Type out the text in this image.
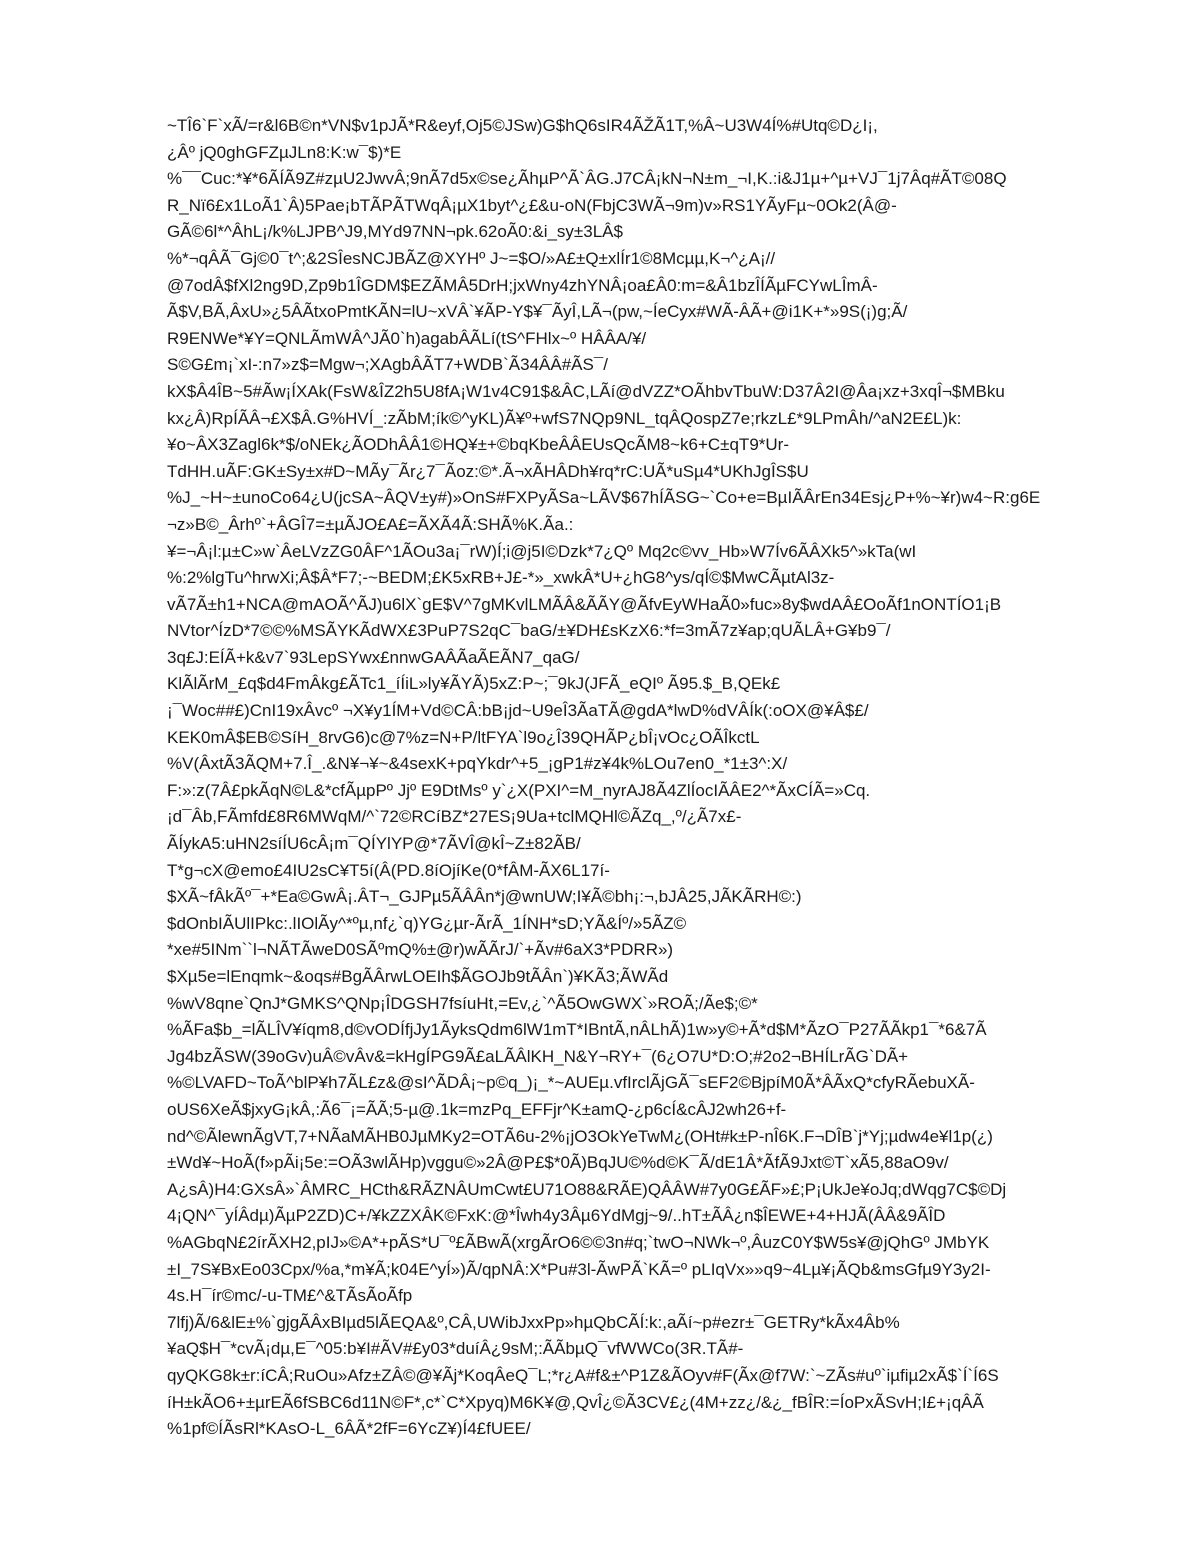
~TÎ6`F`xÃ/=r&l6B©n*VN$v1pJÃ*R&eyf,Oj5©JSw)G$hQ6sIR4ÃŽÃ1T,%Â~U3W4Í%#Utq©D¿I¡,
¿Âº jQ0ghGFZµJLn8:K:w¯$)*E
%¯¯Cuc:*¥*6ÃÍÃ9Z#zµU2JwvÂ;9nÃ7d5x©se¿ÃhµP^Ã`ÂG.J7CÂ¡kN¬N±m_¬I,K.:i&J1µ+^µ+VJ¯1j7Âq#ÃT©08Q
R_Nï6£x1LoÃ1`Â)5Pae¡bTÃPÃTWqÂ¡µX1byt^¿£&u-oN(FbjC3WÃ¬9m)v»RS1YÃyFµ~0Ok2(Â@-
GÃ©6l*^ÂhL¡/k%LJPB^J9,MYd97NN¬pk.62oÃ0:&i_sy±3LÂ$
%*¬qÂÃ¯Gj©0¯t^;&2SÎesNCJBÃZ@XYHº J~=$O/»A£±Q±xlÍr1©8Mcµµ,K¬^¿A¡//
@7odÂ$fXl2ng9D,Zp9b1ÎGDM$EZÃMÂ5DrH;jxWny4zhYNÂ¡oa£Â0:m=&Â1bzÎÍÃµFCYwLÎmÂ-
Ã$V,BÃ,ÂxU»¿5ÂÃtxoPmtKÃN=lU~xVÂ`¥ÃP-Y$¥¯ÃyÎ,LÃ¬(pw,~ÍeCyx#WÃ-ÂÃ+@i1K+*»9S(¡)g;Ã/
R9ENWe*¥Y=QNLÃmWÂ^JÃ0`h)agabÂÃLí(tS^FHlx~º HÂÂA/¥/
S©G£m¡`xI-:n7»z$=Mgw¬;XAgbÂÃT7+WDB`Ã34ÂÂ#ÃS¯/
kX$Â4ÎB~5#Ãw¡ÍXAk(FsW&ÎZ2h5U8fA¡W1v4C91$&ÂC,LÃí@dVZZ*OÃhbvTbuW:D37Â2I@Âa¡xz+3xqÎ¬$MBku
kx¿Â)RpÍÃÂ¬£X$Â.G%HVÍ_:zÃbM;ík©^yKL)Ã¥º+wfS7NQp9NL_tqÂQospZ7e;rkzL£*9LPmÂh/^aN2E£L)k:
¥o~ÂX3Zagl6k*$/oNEk¿ÃODhÂÂ1©HQ¥±+©bqKbeÂÂEUsQcÃM8~k6+C±qT9*Ur-
TdHH.uÃF:GK±Sy±x#D~MÃy¯Ãr¿7¯Ãoz:©*.Ã¬xÃHÂDh¥rq*rC:UÃ*uSµ4*UKhJgÎS$U
%J_~H~±unoCo64¿U(jcSA~ÂQV±y#)»OnS#FXPyÃSa~LÃV$67hÍÃSG~`Co+e=BµIÃÂrEn34Esj¿P+%~¥r)w4~R:g6E
¬z»B©_Ârhº`+ÂGÎ7=±µÃJO£A£=ÃXÃ4Ã:SHÃ%K.Ãa.:
¥=¬Â¡l:µ±C»w`ÂeLVzZG0ÂF^1ÃOu3a¡¯rW)Í;i@j5I©Dzk*7¿Qº Mq2c©vv_Hb»W7Ív6ÃÂXk5^»kTa(wI
%:2%lgTu^hrwXi;Â$Â*F7;-~BEDM;£K5xRB+J£-*»_xwkÂ*U+¿hG8^ys/qÍ©$MwCÃµtAl3z-
vÃ7Ã±h1+NCA@mAOÃ^ÃJ)u6lX`gE$V^7gMKvlLMÃÂ&ÃÃY@ÃfvEyWHaÃ0»fuc»8y$wdAÂ£OoÃf1nONTÍO1¡B
NVtor^ÍzD*7©©%MSÃYKÃdWX£3PuP7S2qC¯baG/±¥DH£sKzX6:*f=3mÃ7z¥ap;qUÃLÂ+G¥b9¯/
3q£J:EÍÃ+k&v7`93LepSYwx£nnwGAÂÃaÃEÃN7_qaG/
KlÃlÃrM_£q$d4FmÂkg£ÃTc1_íÍiL»ly¥ÃYÃ)5xZ:P~;¯9kJ(JFÃ_eQIº Ã95.$_B,QEk£
¡¯Woc##£)CnI19xÂvcº ¬X¥y1ÍM+Vd©CÂ:bB¡jd~U9eÎ3ÃaTÃ@gdA*lwD%dVÂÍk(:oOX@¥Â$£/
KEK0mÂ$EB©SíH_8rvG6)c@7%z=N+P/ltFYA`l9o¿Î39QHÃP¿bÎ¡vOc¿OÃÎkctL
%V(ÂxtÃ3ÃQM+7.Î_.&N¥¬¥~&4sexK+pqYkdr^+5_¡gP1#z¥4k%LOu7en0_*1±3^:X/
F:»:z(7Â£pkÃqN©L&*cfÃµpPº Jjº E9DtMsº y`¿X(PXI^=M_nyrAJ8Ã4ZlÍocIÃÂE2^*ÃxCÍÃ=»Cq.
¡d¯Âb,FÃmfd£8R6MWqM/^`72©RCíBZ*27ES¡9Ua+tclMQHl©ÃZq_,º/¿Ã7x£-
ÃÍykA5:uHN2síÍU6cÂ¡m¯QÍYlYP@*7ÃVÎ@kÎ~Z±82ÃB/
T*g¬cX@emo£4IU2sC¥T5í(Â(PD.8íOjíKe(0*fÂM-ÃX6L17í-
$XÃ~fÂkÃº¯+*Ea©GwÂ¡.ÂT¬_GJPµ5ÃÂÂn*j@wnUW;I¥Ã©bh¡:¬,bJÂ25,JÃKÃRH©:)
$dOnbIÃUlIPkc:.lIOlÃy^*ºµ,nf¿`q)YG¿µr-ÃrÃ_1ÍNH*sD;YÃ&Íº/»5ÃZ©
*xe#5INm``l¬NÃTÃweD0SÃºmQ%±@r)wÃÃrJ/`+Ãv#6aX3*PDRR»)
$Xµ5e=lEnqmk~&oqs#BgÃÂrwLOEIh$ÃGOJb9tÃÂn`)¥KÃ3;ÃWÃd
%wV8qne`QnJ*GMKS^QNp¡ÎDGSH7fsíuHt,=Ev,¿`^Ã5OwGWX`»ROÃ;/Ãe$;©*
%ÃFa$b_=lÃLÎV¥íqm8,d©vODÍfjJy1ÃyksQdm6lW1mT*IBntÃ,nÂLhÃ)1w»y©+Ã*d$M*ÃzO¯P27ÃÃkp1¯*6&7Ã
Jg4bzÃSW(39oGv)uÂ©vÂv&=kHgÍPG9Ã£aLÃÂlKH_N&Y¬RY+¯(6¿O7U*D:O;#2o2¬BHÍLrÃG`DÃ+
%©LVAFD~ToÃ^blP¥h7ÃL£z&@sI^ÃDÂ¡~p©q_)¡_*~AUEµ.vfIrclÃjGÃ¯sEF2©BjpíM0Ã*ÂÃxQ*cfyRÃebuXÃ-
oUS6XeÃ$jxyG¡kÂ,:Ã6¯¡=ÃÃ;5-µ@.1k=mzPq_EFFjr^K±amQ-¿p6cÍ&cÂJ2wh26+f-
nd^©ÃlewnÃgVT,7+NÃaMÃHB0JµMKy2=OTÃ6u-2%¡jO3OkYeTwM¿(OHt#k±P-nÎ6K.F¬DÎB`j*Yj;µdw4e¥l1p(¿)
±Wd¥~HoÃ(f»pÃi¡5e:=OÃ3wlÃHp)vggu©»2Â@P£$*0Ã)BqJU©%d©K¯Ã/dE1Â*ÃfÃ9Jxt©T`xÃ5,88aO9v/
A¿sÂ)H4:GXsÂ»`ÂMRC_HCth&RÃZNÂUmCwt£U71O88&RÃE)QÂÂW#7y0G£ÃF»£;P¡UkJe¥oJq;dWqg7C$©Dj
4¡QN^¯yÍÂdµ)ÃµP2ZD)C+/¥kZZXÂK©FxK:@*Îwh4y3Âµ6YdMgj~9/..hT±ÃÂ¿n$ÎEWE+4+HJÃ(ÂÂ&9ÃÎD
%AGbqN£2írÃXH2,pIJ»©A*+pÃS*U¯º£ÃBwÃ(xrgÃrO6©©3n#q;`twO¬NWk¬º,ÂuzC0Y$W5s¥@jQhGº JMbYK
±I_7S¥BxEo03Cpx/%a,*m¥Ã;k04E^yÍ»)Ã/qpNÂ:X*Pu#3l-ÃwPÃ`KÃ=º pLIqVx»»q9~4Lµ¥¡ÃQb&msGfµ9Y3y2I-
4s.H¯ír©mc/-u-TM£^&TÃsÃoÃfp
7lfj)Ã/6&lE±%`gjgÃÂxBIµd5lÃEQA&º,CÂ,UWibJxxPp»hµQbCÃÍ:k:,aÃí~p#ezr±¯GETRy*kÃx4Âb%
¥aQ$H¯*cvÃ¡dµ,E¯^05:b¥I#ÃV#£y03*duíÂ¿9sM;:ÃÃbµQ¯vfWWCo(3R.TÃ#-
qyQKG8k±r:íCÂ;RuOu»Afz±ZÂ©@¥Ãj*KoqÂeQ¯L;*r¿A#f&±^P1Z&ÃOyv#F(Ãx@f7W:`~ZÃs#uº`iµfiµ2xÃ$`Í`Í6S
íH±kÃO6+±µrEÃ6fSBC6d11N©F*,c*`C*Xpyq)M6K¥@,QvÎ¿©Ã3CV£¿(4M+zz¿/&¿_fBÎR:=ÍoPxÃSvH;I£+¡qÂÃ
%1pf©ÍÃsRl*KAsO-L_6ÂÃ*2fF=6YcZ¥)Í4£fUEE/
